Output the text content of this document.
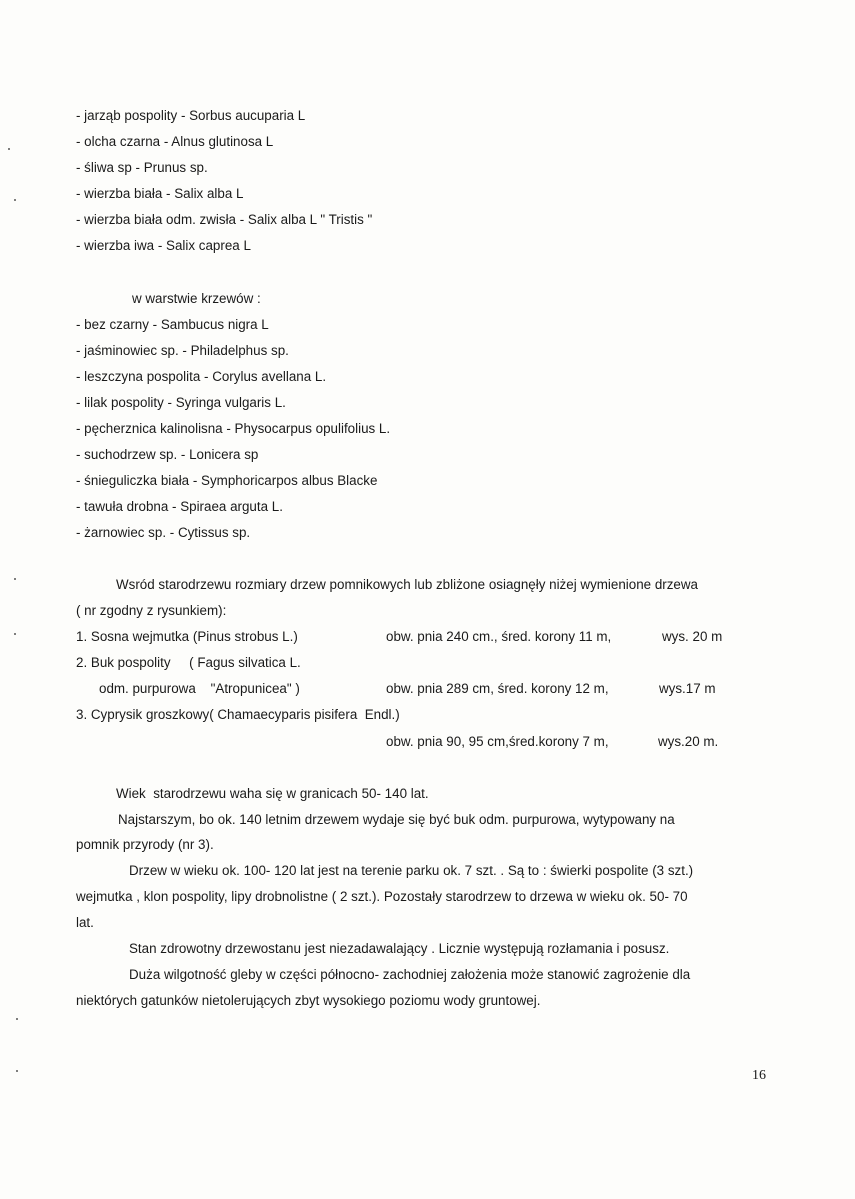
- jarząb pospolity - Sorbus aucuparia L
- olcha czarna - Alnus glutinosa L
- śliwa sp - Prunus sp.
- wierzba biała - Salix alba L
- wierzba biała odm. zwisła - Salix alba L " Tristis "
- wierzba iwa - Salix caprea L
w warstwie krzewów :
- bez czarny - Sambucus nigra L
- jaśminowiec sp. - Philadelphus sp.
- leszczyna pospolita - Corylus avellana L.
- lilak pospolity - Syringa vulgaris L.
- pęcherznica kalinolisna - Physocarpus opulifolius L.
- suchodrzew sp. - Lonicera sp
- śnieguliczka biała - Symphoricarpos albus Blacke
- tawuła drobna - Spiraea arguta L.
- żarnowiec sp. - Cytissus sp.
Wsród starodrzewu rozmiary drzew pomnikowych lub zbliżone osiagnęły niżej wymienione drzewa
( nr zgodny z rysunkiem):
1. Sosna wejmutka (Pinus strobus L.)	obw. pnia 240 cm., śred. korony 11 m,	wys. 20 m
2. Buk pospolity     ( Fagus silvatica L.
odm. purpurowa    "Atropunicea" )	obw. pnia 289 cm, śred. korony 12 m,	wys.17 m
3. Cyprysik groszkowy( Chamaecyparis pisifera  Endl.)
obw. pnia 90, 95 cm,śred.korony 7 m,	wys.20 m.
Wiek  starodrzewu waha się w granicach 50- 140 lat.
Najstarszym, bo ok. 140 letnim drzewem wydaje się być buk odm. purpurowa, wytypowany na
pomnik przyrody (nr 3).
Drzew w wieku ok. 100- 120 lat jest na terenie parku ok. 7 szt. . Są to : świerki pospolite (3 szt.)
wejmutka , klon pospolity, lipy drobnolistne ( 2 szt.). Pozostały starodrzew to drzewa w wieku ok. 50- 70
lat.
Stan zdrowotny drzewostanu jest niezadawalający . Licznie występują rozłamania i posusz.
Duża wilgotność gleby w części północno- zachodniej założenia może stanowić zagrożenie dla
niektórych gatunków nietolerujących zbyt wysokiego poziomu wody gruntowej.
16
